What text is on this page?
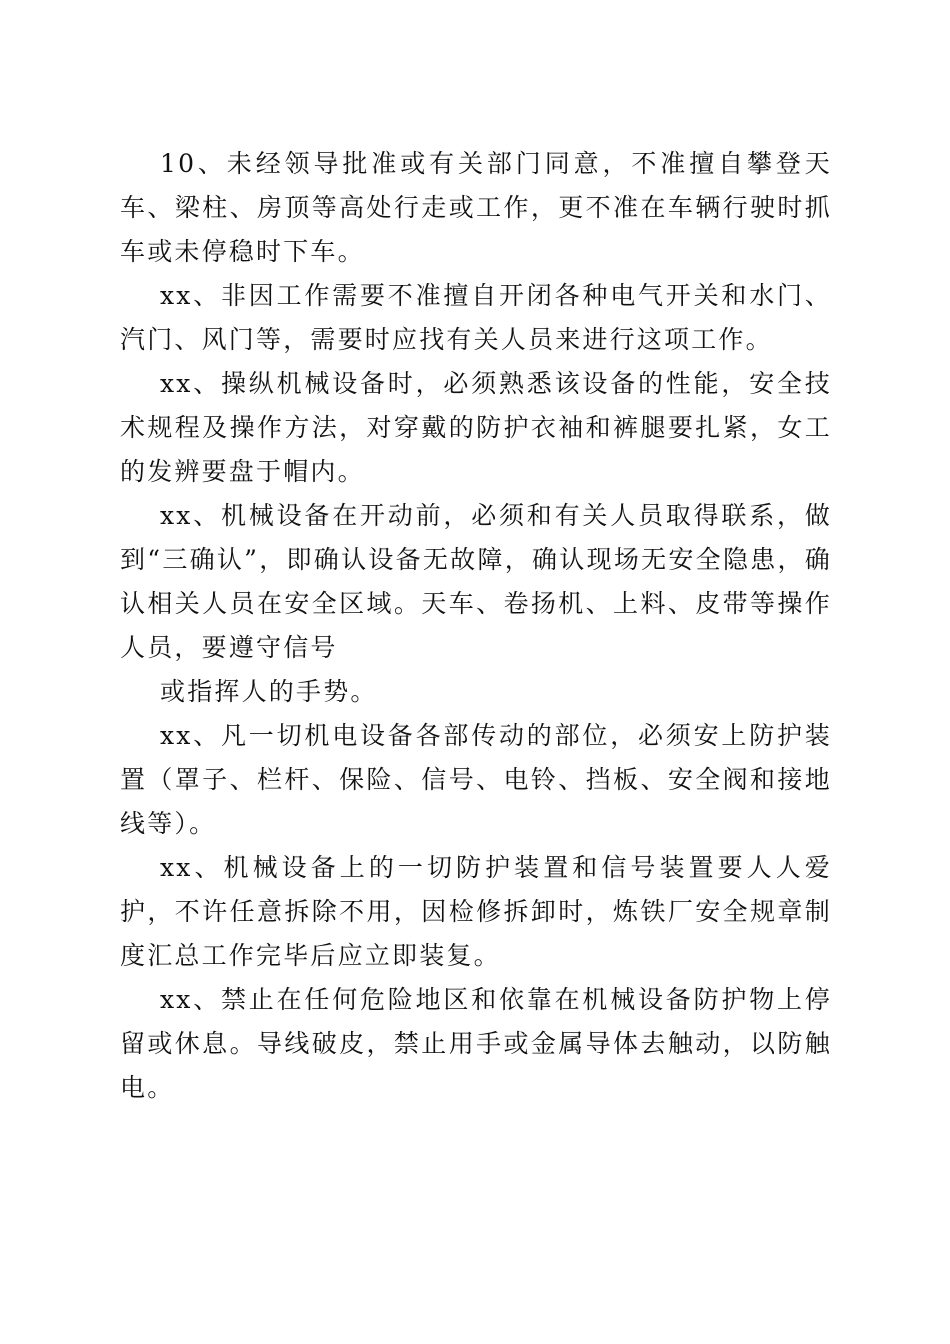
10、未经领导批准或有关部门同意，不准擅自攀登天车、梁柱、房顶等高处行走或工作，更不准在车辆行驶时抓车或未停稳时下车。

xx、非因工作需要不准擅自开闭各种电气开关和水门、汽门、风门等，需要时应找有关人员来进行这项工作。

xx、操纵机械设备时，必须熟悉该设备的性能，安全技术规程及操作方法，对穿戴的防护衣袖和裤腿要扎紧，女工的发辨要盘于帽内。

xx、机械设备在开动前，必须和有关人员取得联系，做到“三确认”，即确认设备无故障，确认现场无安全隐患，确认相关人员在安全区域。天车、卷扬机、上料、皮带等操作人员，要遵守信号

或指挥人的手势。

xx、凡一切机电设备各部传动的部位，必须安上防护装置（罩子、栏杆、保险、信号、电铃、挡板、安全阀和接地线等）。

xx、机械设备上的一切防护装置和信号装置要人人爱护，不许任意拆除不用，因检修拆卸时，炼铁厂安全规章制度汇总工作完毕后应立即装复。

xx、禁止在任何危险地区和依靠在机械设备防护物上停留或休息。导线破皮，禁止用手或金属导体去触动，以防触电。
